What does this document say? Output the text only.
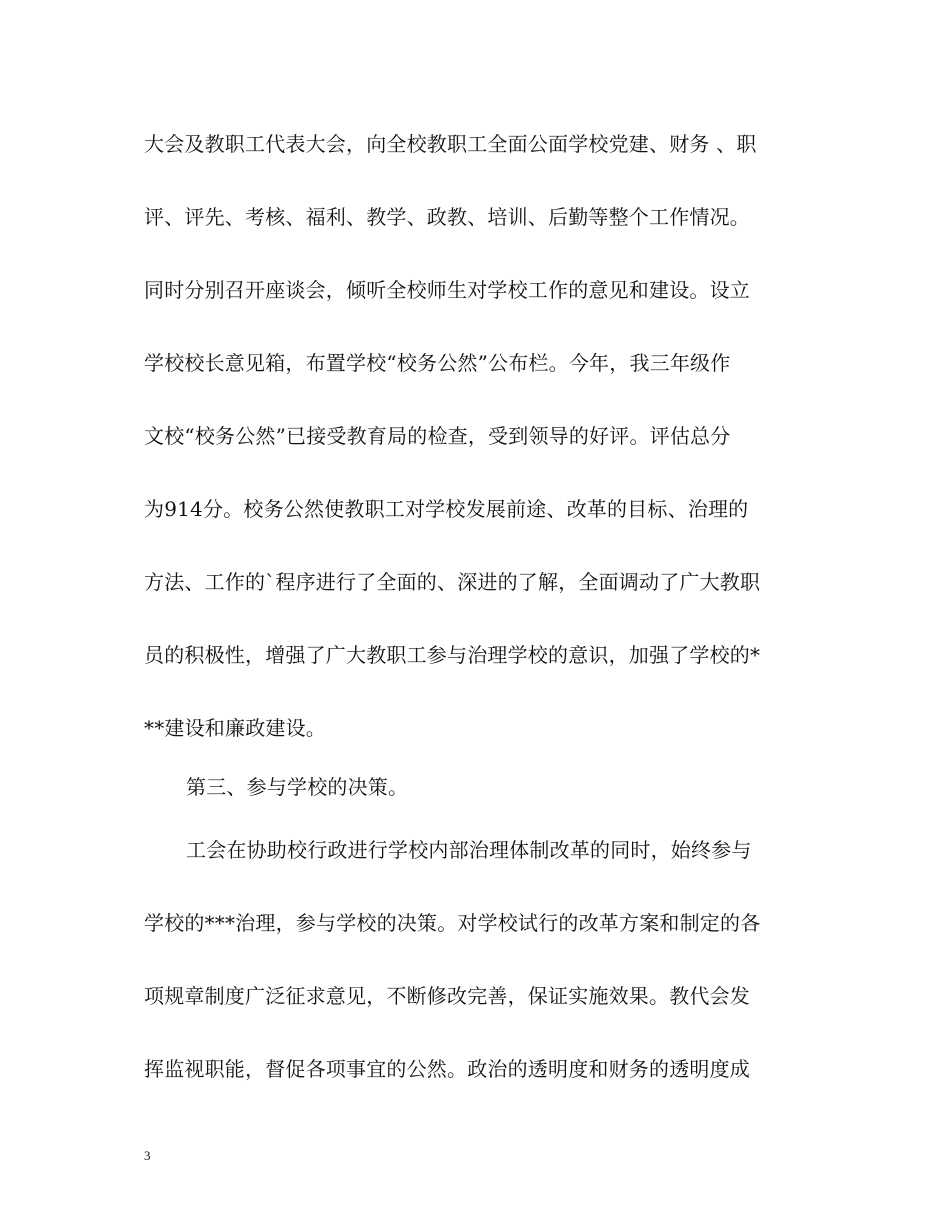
大会及教职工代表大会，向全校教职工全面公面学校党建、财务 、职
评、评先、考核、福利、教学、政教、培训、后勤等整个工作情况。
同时分别召开座谈会，倾听全校师生对学校工作的意见和建设。设立
学校校长意见箱，布置学校“校务公然”公布栏。今年，我三年级作
文校“校务公然”已接受教育局的检查，受到领导的好评。评估总分
为914分。校务公然使教职工对学校发展前途、改革的目标、治理的
方法、工作的`程序进行了全面的、深进的了解，全面调动了广大教职
员的积极性，增强了广大教职工参与治理学校的意识，加强了学校的*
**建设和廉政建设。
第三、参与学校的决策。
工会在协助校行政进行学校内部治理体制改革的同时，始终参与
学校的***治理，参与学校的决策。对学校试行的改革方案和制定的各
项规章制度广泛征求意见，不断修改完善，保证实施效果。教代会发
挥监视职能，督促各项事宜的公然。政治的透明度和财务的透明度成
3
